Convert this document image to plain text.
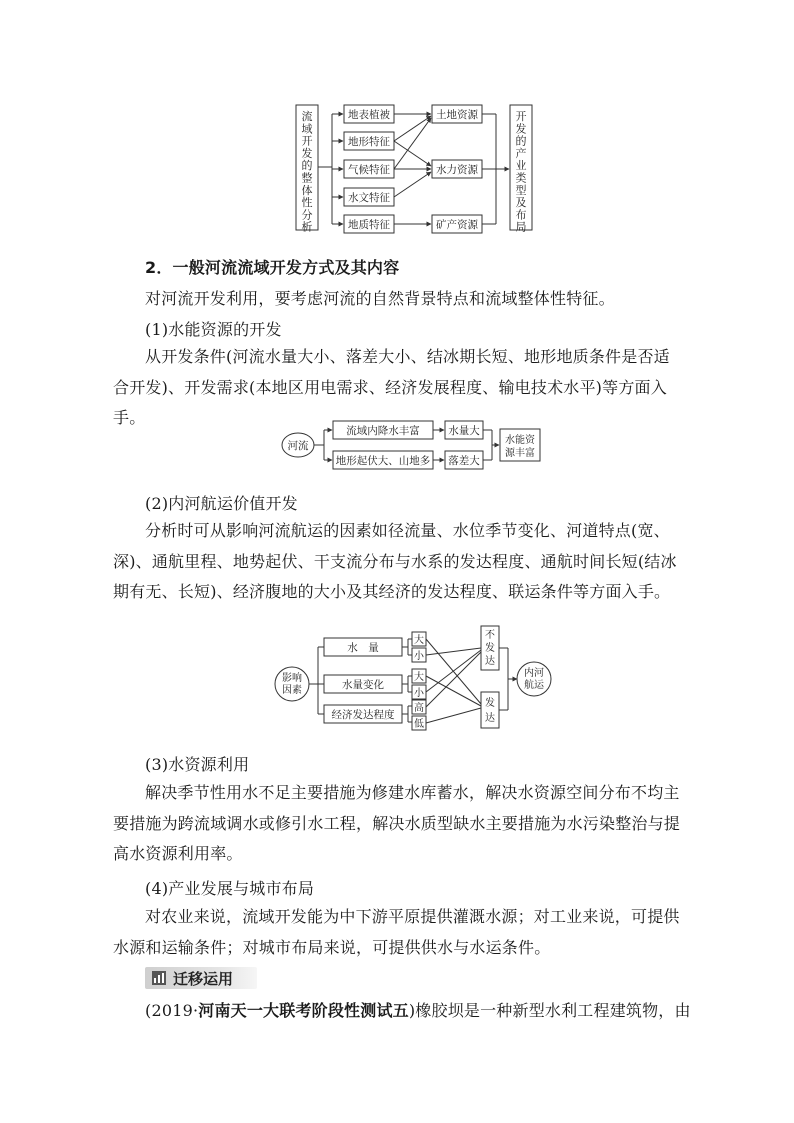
流域开发的整体性分析
地表植被
地形特征
气候特征
水文特征
地质特征
土地资源
水力资源
矿产资源
开发的产业类型及布局

2．一般河流流域开发方式及其内容

对河流开发利用，要考虑河流的自然背景特点和流域整体性特征。

(1)水能资源的开发

从开发条件(河流水量大小、落差大小、结冰期长短、地形地质条件是否适合开发)、开发需求(本地区用电需求、经济发展程度、输电技术水平)等方面入手。

河流
流域内降水丰富
地形起伏大、山地多
水量大
落差大
水能资源丰富

(2)内河航运价值开发

分析时可从影响河流航运的因素如径流量、水位季节变化、河道特点(宽、深)、通航里程、地势起伏、干支流分布与水系的发达程度、通航时间长短(结冰期有无、长短)、经济腹地的大小及其经济的发达程度、联运条件等方面入手。

影响因素
水　量
水量变化
经济发达程度
大
小
大
小
高
低
不发达
发达
内河航运

(3)水资源利用

解决季节性用水不足主要措施为修建水库蓄水，解决水资源空间分布不均主要措施为跨流域调水或修引水工程，解决水质型缺水主要措施为水污染整治与提高水资源利用率。

(4)产业发展与城市布局

对农业来说，流域开发能为中下游平原提供灌溉水源；对工业来说，可提供水源和运输条件；对城市布局来说，可提供供水与水运条件。

迁移运用

(2019·河南天一大联考阶段性测试五)橡胶坝是一种新型水利工程建筑物，由
